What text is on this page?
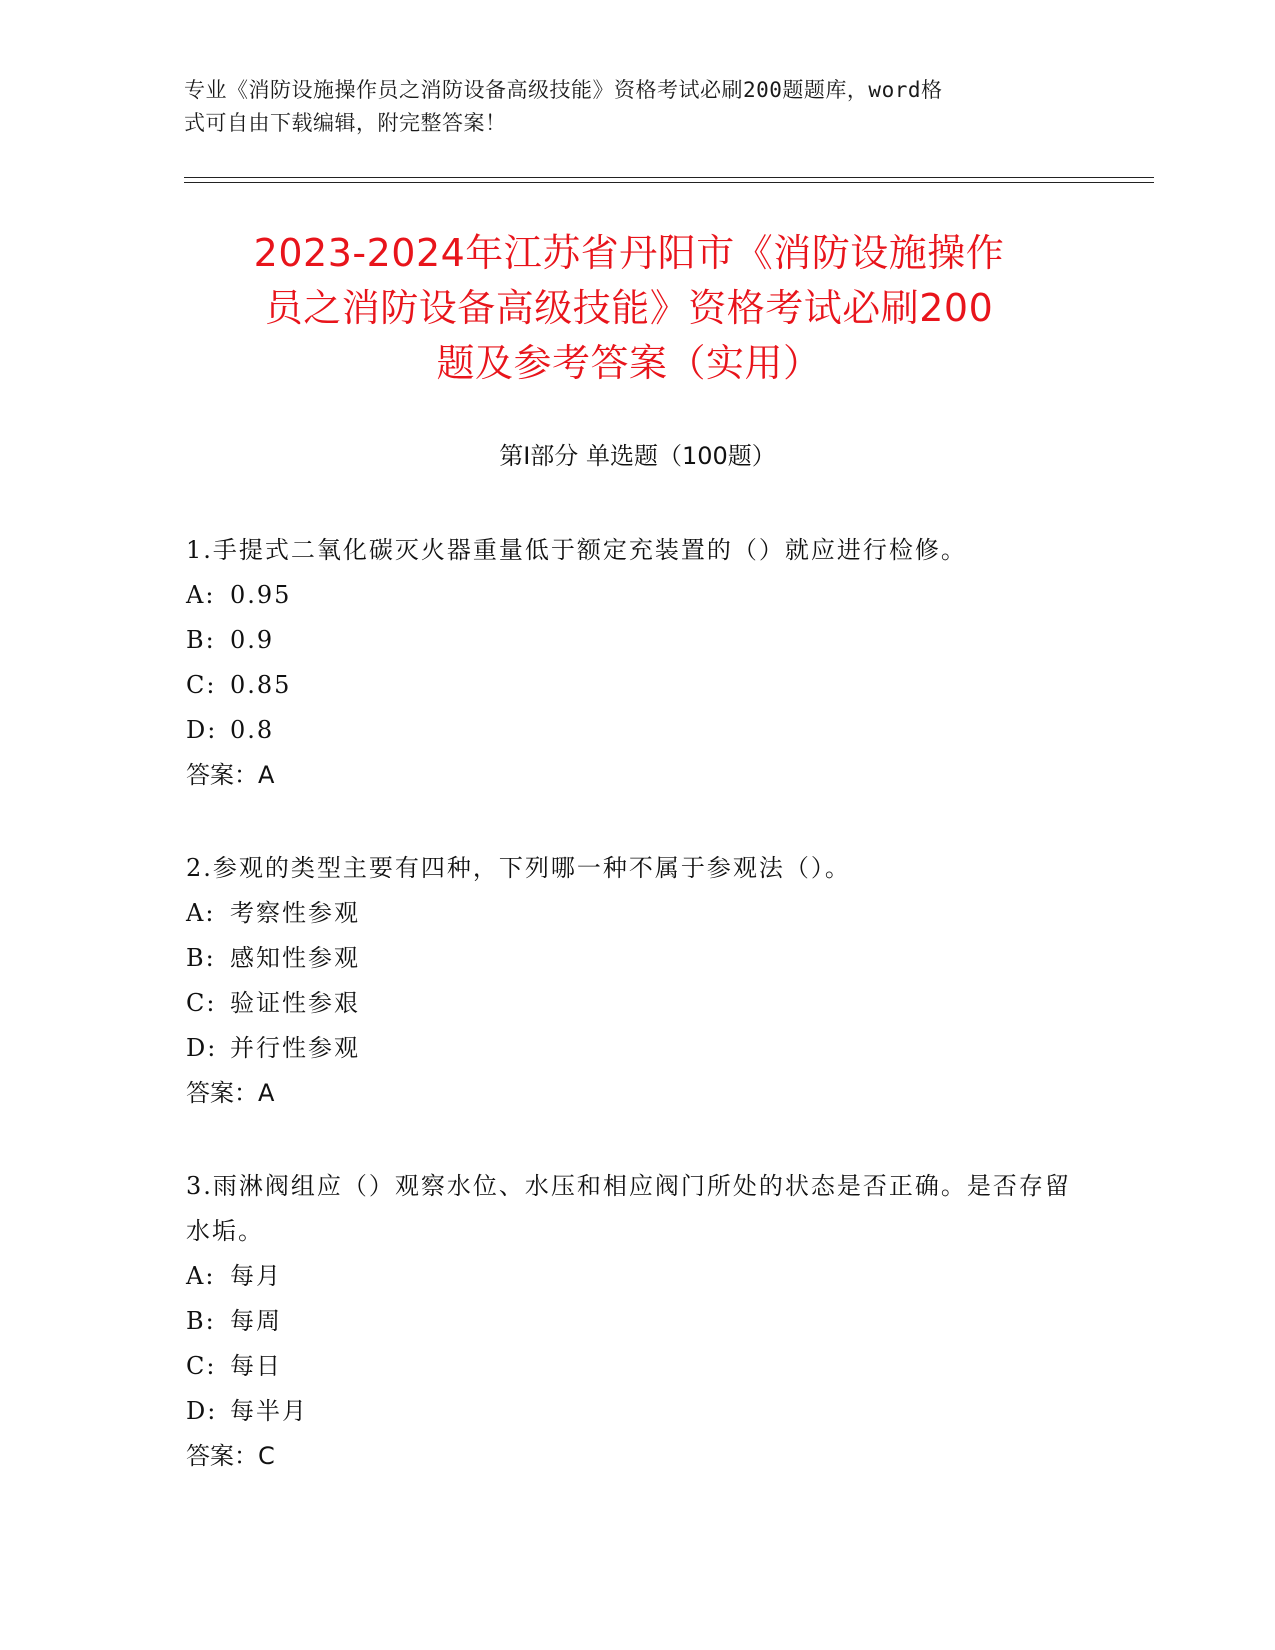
专业《消防设施操作员之消防设备高级技能》资格考试必刷200题题库，word格
式可自由下载编辑，附完整答案！
2023-2024年江苏省丹阳市《消防设施操作
员之消防设备高级技能》资格考试必刷200
题及参考答案（实用）
第Ⅰ部分 单选题（100题）

1.手提式二氧化碳灭火器重量低于额定充装置的（）就应进行检修。

A: 0.95
B: 0.9
C: 0.85
D: 0.8

答案：A

2.参观的类型主要有四种，下列哪一种不属于参观法（）。

A: 考察性参观
B: 感知性参观
C: 验证性参艰
D: 并行性参观

答案：A

3.雨淋阀组应（）观察水位、水压和相应阀门所处的状态是否正确。是否存留水垢。

A: 每月
B: 每周
C: 每日
D: 每半月

答案：C
